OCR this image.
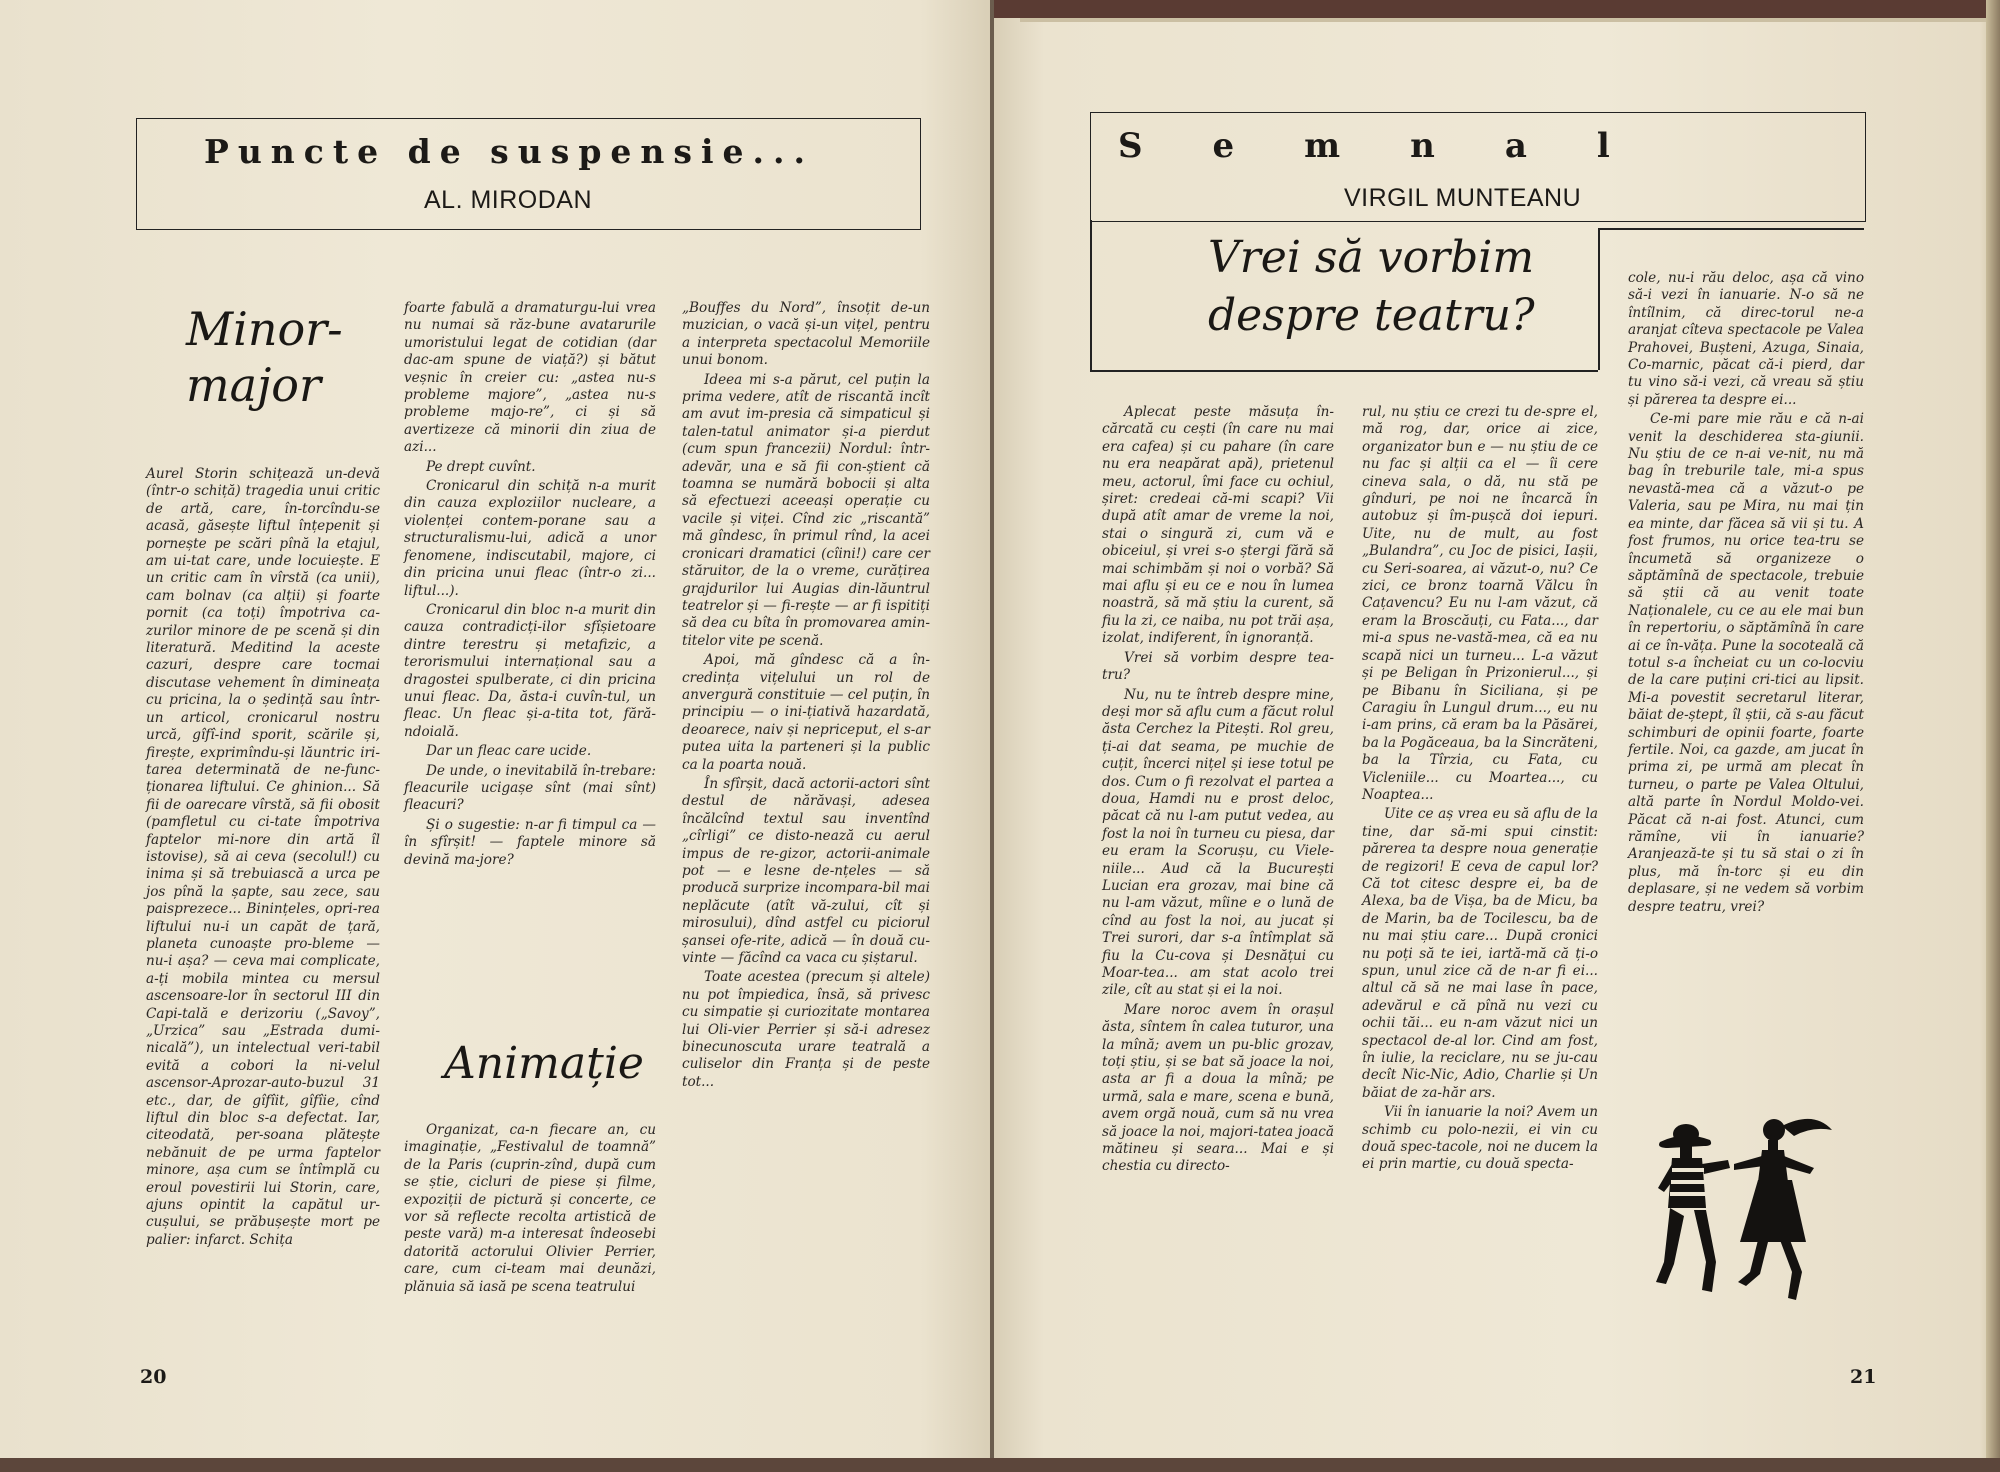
Puncte de suspensie...
AL. MIRODAN
Minor-
major

Aurel Storin schițează un-devă (într-o schiță) tragedia unui critic de artă, care, în-torcîndu-se acasă, găsește liftul înțepenit și pornește pe scări pînă la etajul, am ui-tat care, unde locuiește. E un critic cam în vîrstă (ca unii), cam bolnav (ca alții) și foarte pornit (ca toți) împotriva ca-zurilor minore de pe scenă și din literatură. Meditind la aceste cazuri, despre care tocmai discutase vehement în dimineața cu pricina, la o ședință sau într-un articol, cronicarul nostru urcă, gîfî-ind sporit, scările și, firește, exprimîndu-și lăuntric iri-tarea determinată de ne-func-ționarea liftului. Ce ghinion... Să fii de oarecare vîrstă, să fii obosit (pamfletul cu ci-tate împotriva faptelor mi-nore din artă îl istovise), să ai ceva (secolul!) cu inima și să trebuiască a urca pe jos pînă la șapte, sau zece, sau paisprezece... Binințeles, opri-rea liftului nu-i un capăt de țară, planeta cunoaște pro-bleme — nu-i așa? — ceva mai complicate, a-ți mobila mintea cu mersul ascensoare-lor în sectorul III din Capi-tală e derizoriu („Savoy”, „Urzica” sau „Estrada dumi-nicală”), un intelectual veri-tabil evită a cobori la ni-velul ascensor-Aprozar-auto-buzul 31 etc., dar, de gîfîit, gîfîie, cînd liftul din bloc s-a defectat. Iar, citeodată, per-soana plătește nebănuit de pe urma faptelor minore, așa cum se întîmplă cu eroul povestirii lui Storin, care, ajuns opintit la capătul ur-cușului, se prăbușește mort pe palier: infarct. Schița

foarte fabulă a dramaturgu-lui vrea nu numai să răz-bune avatarurile umoristului legat de cotidian (dar dac-am spune de viață?) și bătut veșnic în creier cu: „astea nu-s probleme majore”, „astea nu-s probleme majo-re”, ci și să avertizeze că minorii din ziua de azi...

Pe drept cuvînt.

Cronicarul din schiță n-a murit din cauza exploziilor nucleare, a violenței contem-porane sau a structuralismu-lui, adică a unor fenomene, indiscutabil, majore, ci din pricina unui fleac (într-o zi... liftul...).

Cronicarul din bloc n-a murit din cauza contradicți-ilor sfîșietoare dintre terestru și metafizic, a terorismului internațional sau a dragostei spulberate, ci din pricina unui fleac. Da, ăsta-i cuvîn-tul, un fleac. Un fleac și-a-tita tot, fără-ndoială.

Dar un fleac care ucide.

De unde, o inevitabilă în-trebare: fleacurile ucigașe sînt (mai sînt) fleacuri?

Și o sugestie: n-ar fi timpul ca — în sfîrșit! — faptele minore să devină ma-jore?

Animație

Organizat, ca-n fiecare an, cu imaginație, „Festivalul de toamnă” de la Paris (cuprin-zînd, după cum se știe, cicluri de piese și filme, expoziții de pictură și concerte, ce vor să reflecte recolta artistică de peste vară) m-a interesat îndeosebi datorită actorului Olivier Perrier, care, cum ci-team mai deunăzi, plănuia să iasă pe scena teatrului

„Bouffes du Nord”, însoțit de-un muzician, o vacă și-un vițel, pentru a interpreta spectacolul Memoriile unui bonom.

Ideea mi s-a părut, cel puțin la prima vedere, atît de riscantă incît am avut im-presia că simpaticul și talen-tatul animator și-a pierdut (cum spun francezii) Nordul: într-adevăr, una e să fii con-știent că toamna se numără bobocii și alta să efectuezi aceeași operație cu vacile și viței. Cînd zic „riscantă” mă gîndesc, în primul rînd, la acei cronicari dramatici (cîini!) care cer stăruitor, de la o vreme, curățirea grajdurilor lui Augias din-lăuntrul teatrelor și — fi-rește — ar fi ispitiți să dea cu bîta în promovarea amin-titelor vite pe scenă.

Apoi, mă gîndesc că a în-credința vițelului un rol de anvergură constituie — cel puțin, în principiu — o ini-țiativă hazardată, deoarece, naiv și nepriceput, el s-ar putea uita la parteneri și la public ca la poarta nouă.

În sfîrșit, dacă actorii-actori sînt destul de nărăvași, adesea încălcînd textul sau inventînd „cîrligi” ce disto-nează cu aerul impus de re-gizor, actorii-animale pot — e lesne de-nțeles — să producă surprize incompara-bil mai neplăcute (atît vă-zului, cît și mirosului), dînd astfel cu piciorul șansei ofe-rite, adică — în două cu-vinte — făcînd ca vaca cu șiștarul.

Toate acestea (precum și altele) nu pot împiedica, însă, să privesc cu simpatie și curiozitate montarea lui Oli-vier Perrier și să-i adresez binecunoscuta urare teatrală a culiselor din Franța și de peste tot...

20
Semnal
VIRGIL MUNTEANU
Vrei să vorbim
despre teatru?

Aplecat peste măsuța în-cărcată cu cești (în care nu mai era cafea) și cu pahare (în care nu era neapărat apă), prietenul meu, actorul, îmi face cu ochiul, șiret: credeai că-mi scapi? Vii după atît amar de vreme la noi, stai o singură zi, cum vă e obiceiul, și vrei s-o ștergi fără să mai schimbăm și noi o vorbă? Să mai aflu și eu ce e nou în lumea noastră, să mă știu la curent, să fiu la zi, ce naiba, nu pot trăi așa, izolat, indiferent, în ignoranță.

Vrei să vorbim despre tea-tru?

Nu, nu te întreb despre mine, deși mor să aflu cum a făcut rolul ăsta Cerchez la Pitești. Rol greu, ți-ai dat seama, pe muchie de cuțit, încerci nițel și iese totul pe dos. Cum o fi rezolvat el partea a doua, Hamdi nu e prost deloc, păcat că nu l-am putut vedea, au fost la noi în turneu cu piesa, dar eu eram la Scorușu, cu Viele-niile... Aud că la București Lucian era grozav, mai bine că nu l-am văzut, mîine e o lună de cînd au fost la noi, au jucat și Trei surori, dar s-a întîmplat să fiu la Cu-cova și Desnățui cu Moar-tea... am stat acolo trei zile, cît au stat și ei la noi.

Mare noroc avem în orașul ăsta, sîntem în calea tuturor, una la mînă; avem un pu-blic grozav, toți știu, și se bat să joace la noi, asta ar fi a doua la mînă; pe urmă, sala e mare, scena e bună, avem orgă nouă, cum să nu vrea să joace la noi, majori-tatea joacă mătineu și seara... Mai e și chestia cu directo-

rul, nu știu ce crezi tu de-spre el, mă rog, dar, orice ai zice, organizator bun e — nu știu de ce nu fac și alții ca el — îi cere cineva sala, o dă, nu stă pe gînduri, pe noi ne încarcă în autobuz și îm-pușcă doi iepuri. Uite, nu de mult, au fost „Bulandra”, cu Joc de pisici, Iașii, cu Seri-soarea, ai văzut-o, nu? Ce zici, ce bronz toarnă Vălcu în Cațavencu? Eu nu l-am văzut, că eram la Broscăuți, cu Fata..., dar mi-a spus ne-vastă-mea, că ea nu scapă nici un turneu... L-a văzut și pe Beligan în Prizonierul..., și pe Bibanu în Siciliana, și pe Caragiu în Lungul drum..., eu nu i-am prins, că eram ba la Păsărei, ba la Pogăceaua, ba la Sincrăteni, ba la Tîrzia, cu Fata, cu Vicleniile... cu Moartea..., cu Noaptea...

Uite ce aș vrea eu să aflu de la tine, dar să-mi spui cinstit: părerea ta despre noua generație de regizori! E ceva de capul lor? Că tot citesc despre ei, ba de Alexa, ba de Vișa, ba de Micu, ba de Marin, ba de Tocilescu, ba de nu mai știu care... După cronici nu poți să te iei, iartă-mă că ți-o spun, unul zice că de n-ar fi ei... altul că să ne mai lase în pace, adevărul e că pînă nu vezi cu ochii tăi... eu n-am văzut nici un spectacol de-al lor. Cind am fost, în iulie, la reciclare, nu se ju-cau decît Nic-Nic, Adio, Charlie și Un băiat de za-hăr ars.

Vii în ianuarie la noi? Avem un schimb cu polo-nezii, ei vin cu două spec-tacole, noi ne ducem la ei prin martie, cu două specta-

cole, nu-i rău deloc, așa că vino să-i vezi în ianuarie. N-o să ne întîlnim, că direc-torul ne-a aranjat cîteva spectacole pe Valea Prahovei, Bușteni, Azuga, Sinaia, Co-marnic, păcat că-i pierd, dar tu vino să-i vezi, că vreau să știu și părerea ta despre ei...

Ce-mi pare mie rău e că n-ai venit la deschiderea sta-giunii. Nu știu de ce n-ai ve-nit, nu mă bag în treburile tale, mi-a spus nevastă-mea că a văzut-o pe Valeria, sau pe Mira, nu mai țin ea minte, dar făcea să vii și tu. A fost frumos, nu orice tea-tru se încumetă să organizeze o săptămînă de spectacole, trebuie să știi că au venit toate Naționalele, cu ce au ele mai bun în repertoriu, o săptămînă în care ai ce în-văța. Pune la socoteală că totul s-a încheiat cu un co-locviu de la care puțini cri-tici au lipsit. Mi-a povestit secretarul literar, băiat de-ștept, îl știi, că s-au făcut schimburi de opinii foarte, foarte fertile. Noi, ca gazde, am jucat în prima zi, pe urmă am plecat în turneu, o parte pe Valea Oltului, altă parte în Nordul Moldo-vei. Păcat că n-ai fost. Atunci, cum rămîne, vii în ianuarie? Aranjează-te și tu să stai o zi în plus, mă în-torc și eu din deplasare, și ne vedem să vorbim despre teatru, vrei?

21
